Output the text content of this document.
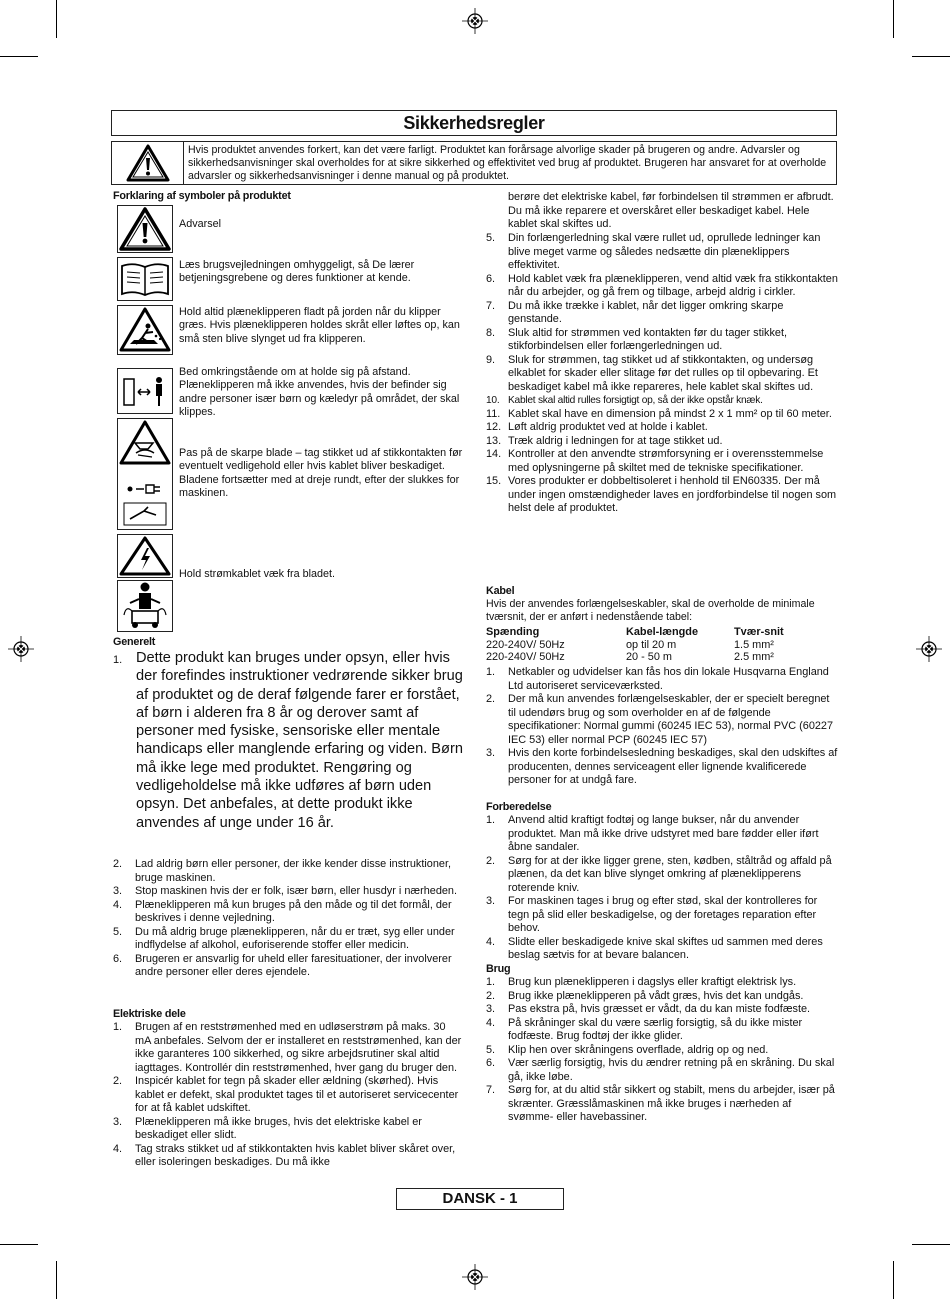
Sikkerhedsregler
Hvis produktet anvendes forkert, kan det være farligt. Produktet kan forårsage alvorlige skader på brugeren og andre. Advarsler og sikkerhedsanvisninger skal overholdes for at sikre sikkerhed og effektivitet ved brug af produktet. Brugeren har ansvaret for at overholde advarsler og sikkerhedsanvisninger i denne manual og på produktet.
Forklaring af symboler på produktet
Advarsel
Læs brugsvejledningen omhyggeligt, så De lærer betjeningsgrebene og deres funktioner at kende.
Hold altid plæneklipperen fladt på jorden når du klipper græs. Hvis plæneklipperen holdes skråt eller løftes op, kan små sten blive slynget ud fra klipperen.
Bed omkringstående om at holde sig på afstand. Plæneklipperen må ikke anvendes, hvis der befinder sig andre personer især børn og kæledyr på området, der skal klippes.
Pas på de skarpe blade – tag stikket ud af stikkontakten før eventuelt vedligehold eller hvis kablet bliver beskadiget. Bladene fortsætter med at dreje rundt, efter der slukkes for maskinen.
Hold strømkablet væk fra bladet.
Generelt
1. Dette produkt kan bruges under opsyn, eller hvis der forefindes instruktioner vedrørende sikker brug af produktet og de deraf følgende farer er forstået, af børn i alderen fra 8 år og derover samt af personer med fysiske, sensoriske eller mentale handicaps eller manglende erfaring og viden. Børn må ikke lege med produktet. Rengøring og vedligeholdelse må ikke udføres af børn uden opsyn. Det anbefales, at dette produkt ikke anvendes af unge under 16 år.
2.	Lad aldrig børn eller personer, der ikke kender disse instruktioner, bruge maskinen.
3.	Stop maskinen hvis der er folk, især børn, eller husdyr i nærheden.
4.	Plæneklipperen må kun bruges på den måde og til det formål, der beskrives i denne vejledning.
5.	Du må aldrig bruge plæneklipperen, når du er træt, syg eller under indflydelse af alkohol, euforiserende stoffer eller medicin.
6.	Brugeren er ansvarlig for uheld eller faresituationer, der involverer andre personer eller deres ejendele.
Elektriske dele
1.	Brugen af en reststrømenhed med en udløserstrøm på maks. 30 mA anbefales. Selvom der er installeret en reststrømenhed, kan der ikke garanteres 100 sikkerhed, og sikre arbejdsrutiner skal altid iagttages. Kontrollér din reststrømenhed, hver gang du bruger den.
2.	Inspicér kablet for tegn på skader eller ældning (skørhed). Hvis kablet er defekt, skal produktet tages til et autoriseret servicecenter for at få kablet udskiftet.
3.	Plæneklipperen må ikke bruges, hvis det elektriske kabel er beskadiget eller slidt.
4.	Tag straks stikket ud af stikkontakten hvis kablet bliver skåret over, eller isoleringen beskadiges. Du må ikke
berøre det elektriske kabel, før forbindelsen til strømmen er afbrudt. Du må ikke reparere et overskåret eller beskadiget kabel. Hele kablet skal skiftes ud.
5.	Din forlængerledning skal være rullet ud, oprullede ledninger kan blive meget varme og således nedsætte din plæneklippers effektivitet.
6.	Hold kablet væk fra plæneklipperen, vend altid væk fra stikkontakten når du arbejder, og gå frem og tilbage, arbejd aldrig i cirkler.
7.	Du må ikke trække i kablet, når det ligger omkring skarpe genstande.
8.	Sluk altid for strømmen ved kontakten før du tager stikket, stikforbindelsen eller forlængerledningen ud.
9.	Sluk for strømmen, tag stikket ud af stikkontakten, og undersøg elkablet for skader eller slitage før det rulles op til opbevaring. Et beskadiget kabel må ikke repareres, hele kablet skal skiftes ud.
10. Kablet skal altid rulles forsigtigt op, så der ikke opstår knæk.
11. Kablet skal have en dimension på mindst 2 x 1 mm² op til 60 meter.
12. Løft aldrig produktet ved at holde i kablet.
13. Træk aldrig i ledningen for at tage stikket ud.
14. Kontroller at den anvendte strømforsyning er i overensstemmelse med oplysningerne på skiltet med de tekniske specifikationer.
15. Vores produkter er dobbeltisoleret i henhold til EN60335. Der må under ingen omstændigheder laves en jordforbindelse til nogen som helst dele af produktet.
Kabel
Hvis der anvendes forlængelseskabler, skal de overholde de minimale tværsnit, der er anført i nedenstående tabel:
Spænding	Kabel-længde	Tvær-snit
220-240V/ 50Hz	op til 20 m	1.5 mm²
220-240V/ 50Hz	20 - 50 m	2.5 mm²
1.	Netkabler og udvidelser kan fås hos din lokale Husqvarna England Ltd autoriseret serviceværksted.
2.	Der må kun anvendes forlængelseskabler, der er specielt beregnet til udendørs brug og som overholder en af de følgende specifikationer: Normal gummi (60245 IEC 53), normal PVC (60227 IEC 53) eller normal PCP (60245 IEC 57)
3.	Hvis den korte forbindelsesledning beskadiges, skal den udskiftes af producenten, dennes serviceagent eller lignende kvalificerede personer for at undgå fare.
Forberedelse
1.	Anvend altid kraftigt fodtøj og lange bukser, når du anvender produktet. Man må ikke drive udstyret med bare fødder eller iført åbne sandaler.
2.	Sørg for at der ikke ligger grene, sten, kødben, ståltråd og affald på plænen, da det kan blive slynget omkring af plæneklipperens roterende kniv.
3.	For maskinen tages i brug og efter stød, skal der kontrolleres for tegn på slid eller beskadigelse, og der foretages reparation efter behov.
4.	Slidte eller beskadigede knive skal skiftes ud sammen med deres beslag sætvis for at bevare balancen.
Brug
1.	Brug kun plæneklipperen i dagslys eller kraftigt elektrisk lys.
2.	Brug ikke plæneklipperen på vådt græs, hvis det kan undgås.
3.	Pas ekstra på, hvis græsset er vådt, da du kan miste fodfæste.
4.	På skråninger skal du være særlig forsigtig, så du ikke mister fodfæste. Brug fodtøj der ikke glider.
5.	Klip hen over skråningens overflade, aldrig op og ned.
6.	Vær særlig forsigtig, hvis du ændrer retning på en skråning. Du skal gå, ikke løbe.
7.	Sørg for, at du altid står sikkert og stabilt, mens du arbejder, især på skrænter. Græsslåmaskinen må ikke bruges i nærheden af svømme- eller havebassiner.
DANSK - 1
